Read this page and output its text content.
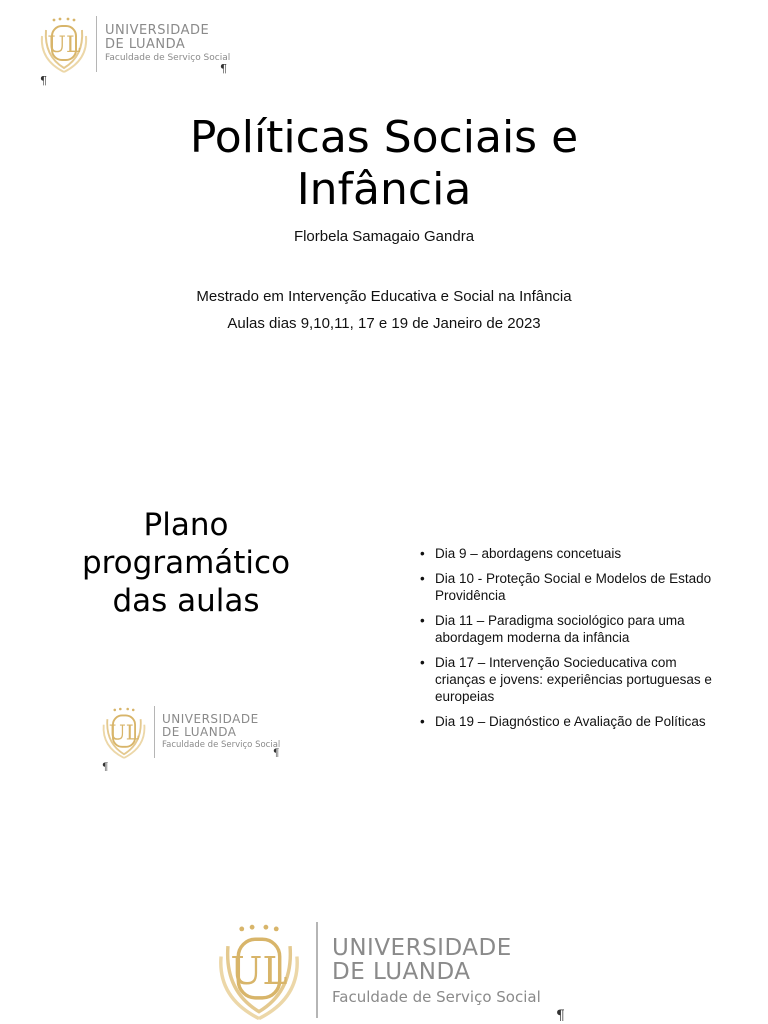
UL
UNIVERSIDADE
DE LUANDA
Faculdade de Serviço Social
¶
¶
Políticas Sociais e
Infância
Florbela Samagaio Gandra
Mestrado em Intervenção Educativa e Social na Infância
Aulas dias 9,10,11, 17 e 19 de Janeiro de 2023
Plano
programático
das aulas
• Dia 9 – abordagens concetuais
• Dia 10 - Proteção Social e Modelos de Estado Providência
• Dia 11 – Paradigma sociológico para uma abordagem moderna da infância
• Dia 17 – Intervenção Socieducativa com crianças e jovens: experiências portuguesas e europeias
• Dia 19 – Diagnóstico e Avaliação de Políticas
UL
UNIVERSIDADE
DE LUANDA
Faculdade de Serviço Social
¶
¶
UL
UNIVERSIDADE
DE LUANDA
Faculdade de Serviço Social
¶
